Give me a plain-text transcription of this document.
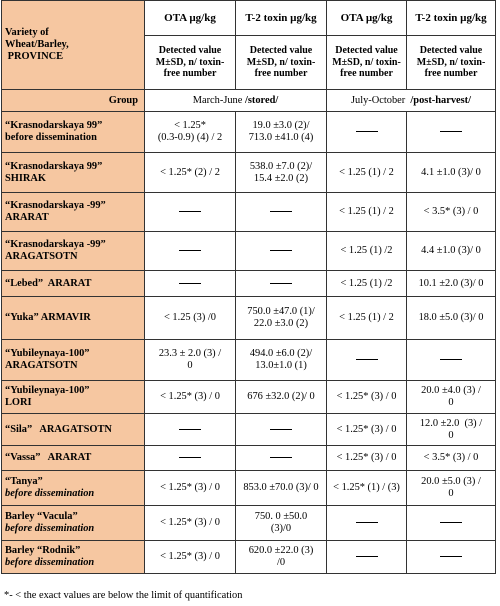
Variety of
Wheat/Barley,
PROVINCE	OTA µg/kg	T-2 toxin µg/kg	OTA µg/kg	T-2 toxin µg/kg
	Detected value M±SD, n/ toxin-free number	Detected value M±SD, n/ toxin-free number	Detected value M±SD, n/ toxin-free number	Detected value M±SD, n/ toxin-free number
Group	March-June /stored/		July-October  /post-harvest/	

“Krasnodarskaya 99”
before dissemination	< 1.25*
(0.3-0.9) (4) / 2	19.0 ±3.0 (2)/
713.0 ±41.0 (4)		

“Krasnodarskaya 99”
SHIRAK	< 1.25* (2) / 2	538.0 ±7.0 (2)/
15.4 ±2.0 (2)	< 1.25 (1) / 2	4.1 ±1.0 (3)/ 0

“Krasnodarskaya -99”
ARARAT			< 1.25 (1) / 2	< 3.5* (3) / 0

“Krasnodarskaya -99”
ARAGATSOTN			< 1.25 (1) /2	4.4 ±1.0 (3)/ 0

“Lebed”  ARARAT			< 1.25 (1) /2	10.1 ±2.0 (3)/ 0

“Yuka” ARMAVIR	< 1.25 (3) /0	750.0 ±47.0 (1)/
22.0 ±3.0 (2)	< 1.25 (1) / 2	18.0 ±5.0 (3)/ 0

“Yubileynaya-100”
ARAGATSOTN	23.3 ± 2.0 (3) /
0	494.0 ±6.0 (2)/
13.0±1.0 (1)		

“Yubileynaya-100”
LORI	< 1.25* (3) / 0	676 ±32.0 (2)/ 0	< 1.25* (3) / 0	20.0 ±4.0 (3) /
0

“Sila”   ARAGATSOTN			< 1.25* (3) / 0	12.0 ±2.0  (3) /
0

“Vassa”   ARARAT			< 1.25* (3) / 0	< 3.5* (3) / 0

“Tanya”
before dissemination	< 1.25* (3) / 0	853.0 ±70.0 (3)/ 0	< 1.25* (1) / (3)	20.0 ±5.0 (3) /
0

Barley “Vacula”
before dissemination	< 1.25* (3) / 0	750. 0 ±50.0
(3)/0		

Barley “Rodnik”
before dissemination	< 1.25* (3) / 0	620.0 ±22.0 (3)
/0		

*- < the exact values are below the limit of quantification
